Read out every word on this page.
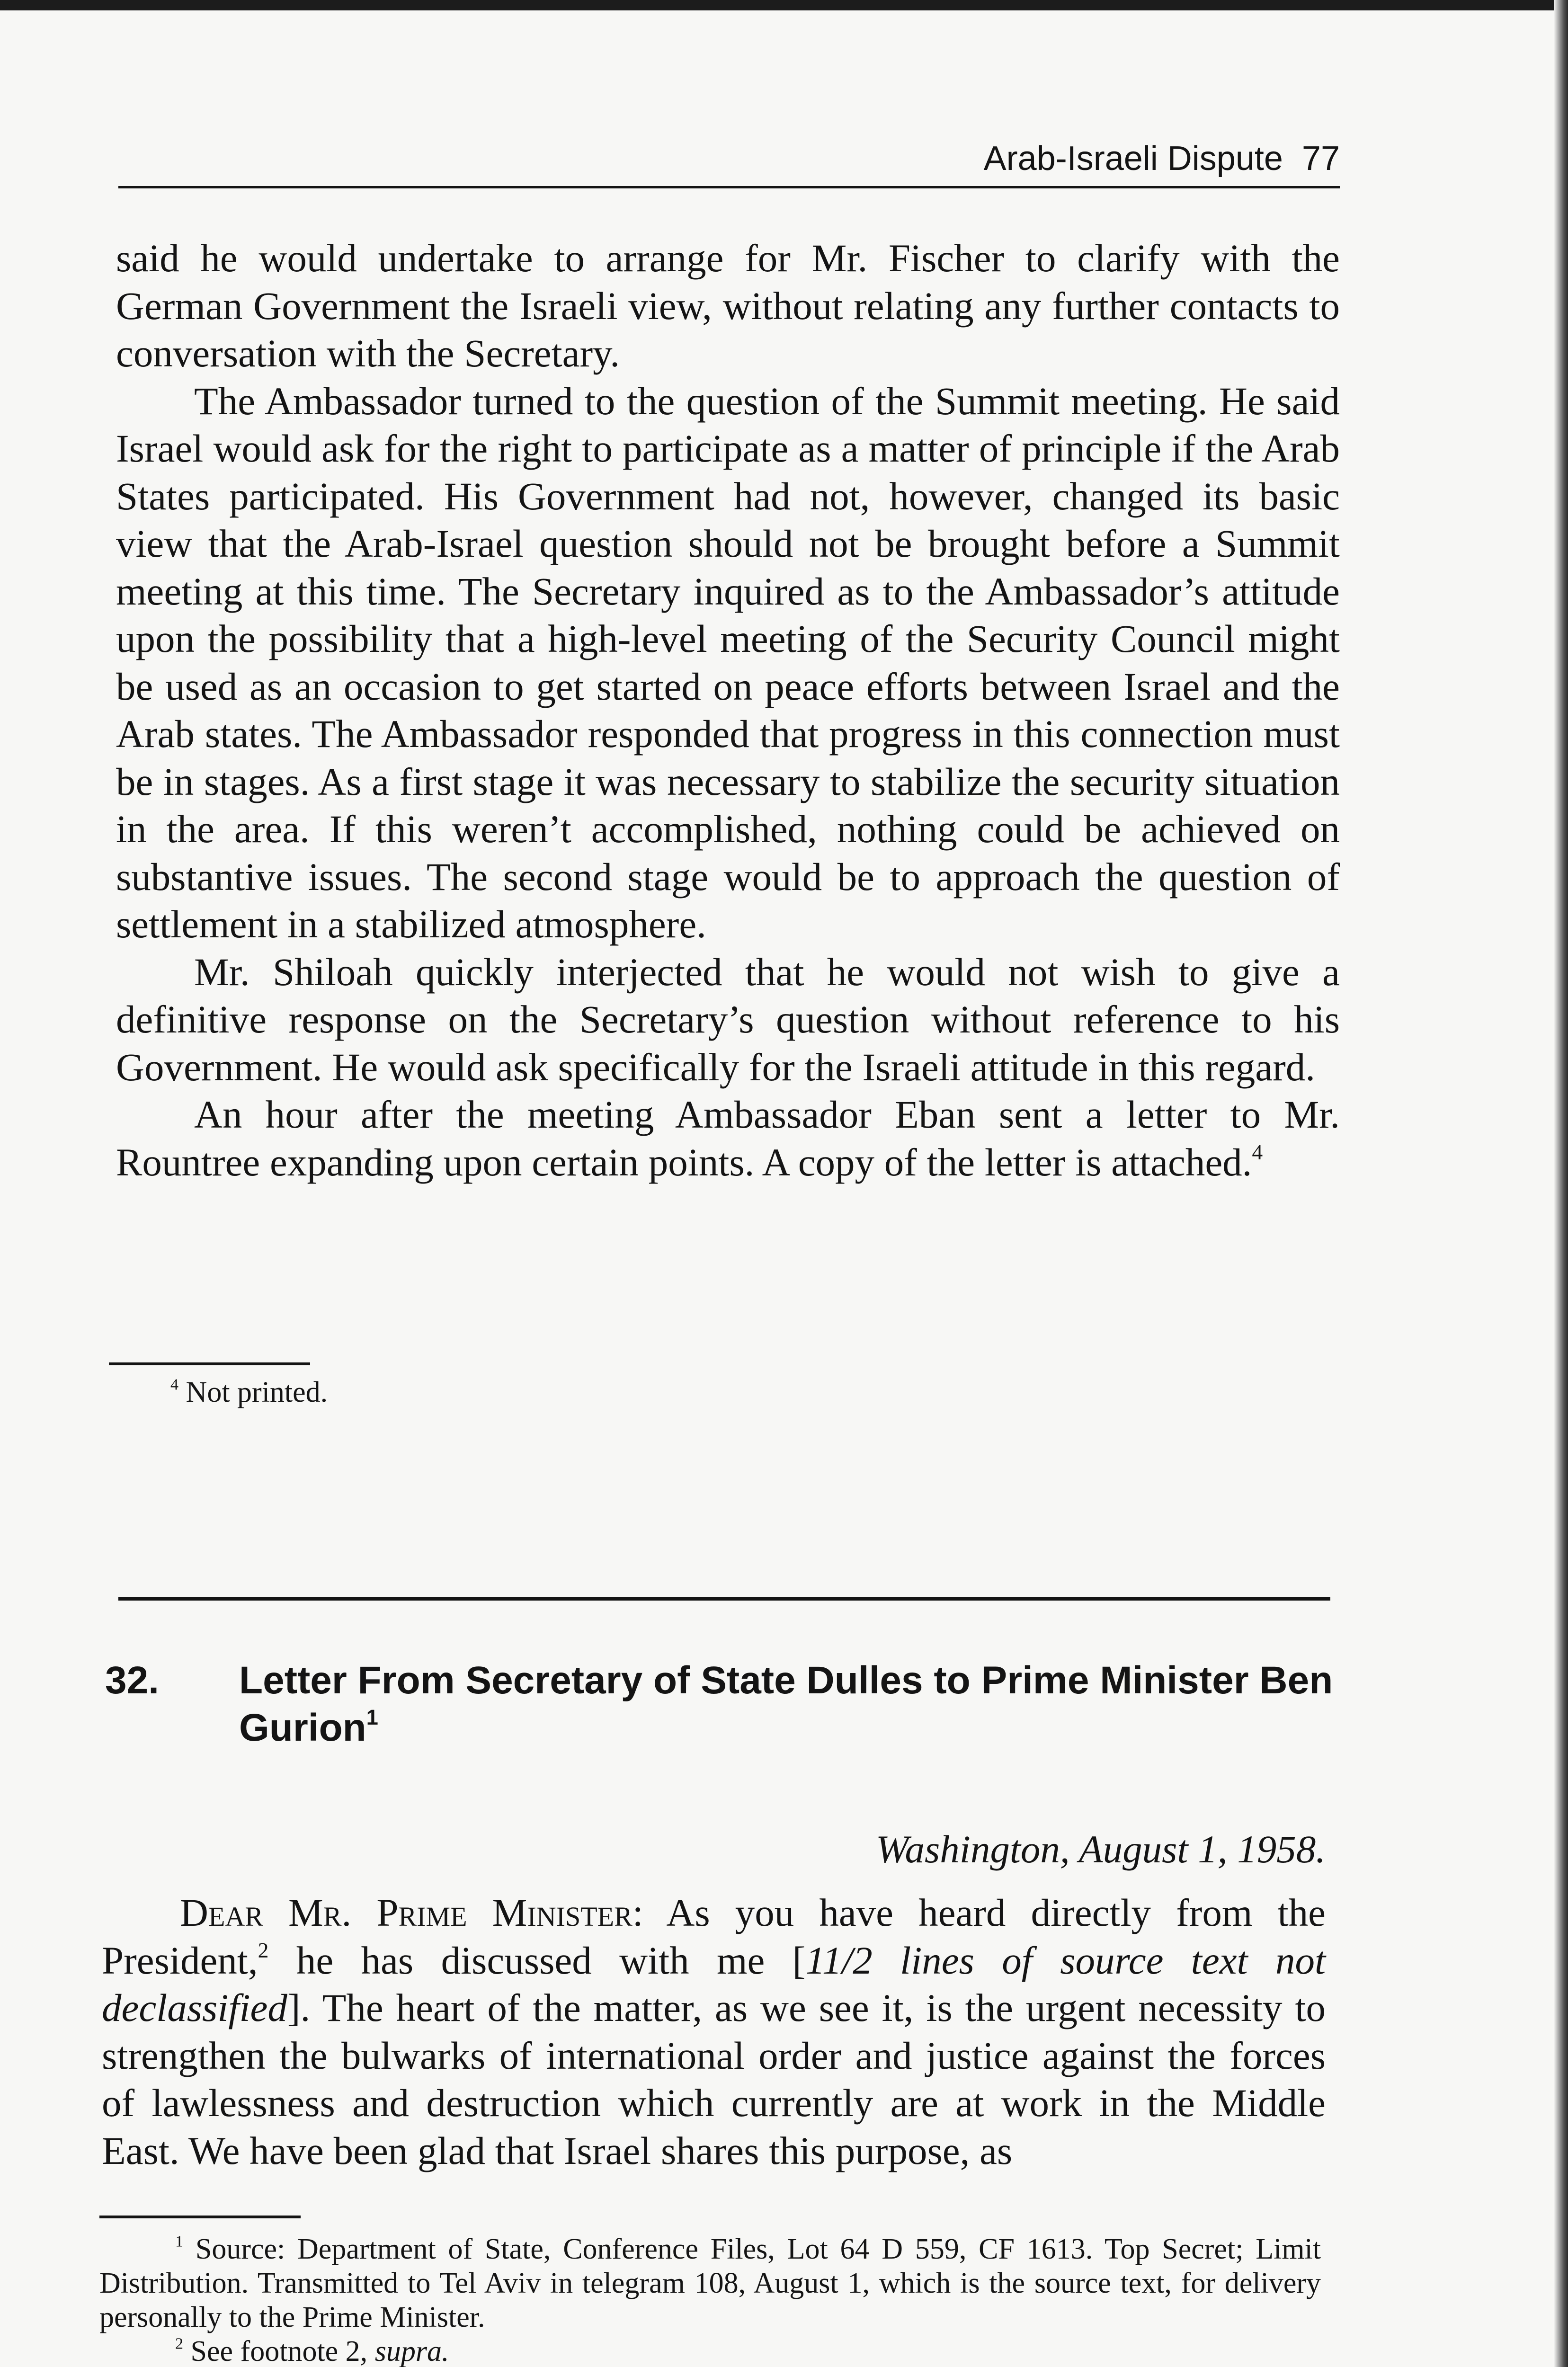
Arab-Israeli Dispute 77

said he would undertake to arrange for Mr. Fischer to clarify with the German Government the Israeli view, without relating any further contacts to conversation with the Secretary.

The Ambassador turned to the question of the Summit meeting. He said Israel would ask for the right to participate as a matter of principle if the Arab States participated. His Government had not, however, changed its basic view that the Arab-Israel question should not be brought before a Summit meeting at this time. The Secretary inquired as to the Ambassador’s attitude upon the possibility that a high-level meeting of the Security Council might be used as an occasion to get started on peace efforts between Israel and the Arab states. The Ambassador responded that progress in this connection must be in stages. As a first stage it was necessary to stabilize the security situation in the area. If this weren’t accomplished, nothing could be achieved on substantive issues. The second stage would be to approach the question of settlement in a stabilized atmosphere.

Mr. Shiloah quickly interjected that he would not wish to give a definitive response on the Secretary’s question without reference to his Government. He would ask specifically for the Israeli attitude in this regard.

An hour after the meeting Ambassador Eban sent a letter to Mr. Rountree expanding upon certain points. A copy of the letter is attached.$^4$

$^4$ Not printed.

32. Letter From Secretary of State Dulles to Prime Minister Ben Gurion$^1$
Washington, August 1, 1958.

Dear Mr. Prime Minister: As you have heard directly from the President,$^2$ he has discussed with me [11/2 lines of source text not declassified]. The heart of the matter, as we see it, is the urgent necessity to strengthen the bulwarks of international order and justice against the forces of lawlessness and destruction which currently are at work in the Middle East. We have been glad that Israel shares this purpose, as

$^1$ Source: Department of State, Conference Files, Lot 64 D 559, CF 1613. Top Secret; Limit Distribution. Transmitted to Tel Aviv in telegram 108, August 1, which is the source text, for delivery personally to the Prime Minister.

$^2$ See footnote 2, supra.
